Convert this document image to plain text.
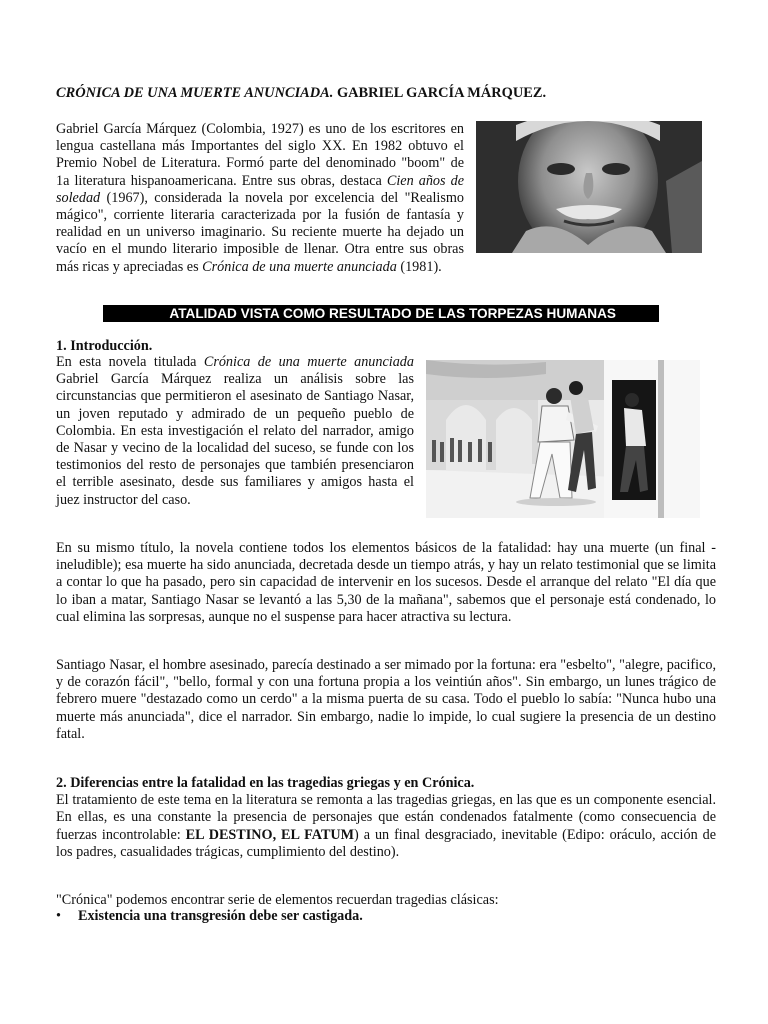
CRÓNICA DE UNA MUERTE ANUNCIADA. GABRIEL GARCÍA MÁRQUEZ.

Gabriel García Márquez (Colombia, 1927) es uno de los escritores en lengua castellana más Importantes del siglo XX. En 1982 obtuvo el Premio Nobel de Literatura. Formó parte del denominado "boom" de 1a literatura hispanoamericana. Entre sus obras, destaca Cien años de soledad (1967), considerada la novela por excelencia del "Realismo mágico", corriente literaria caracterizada por la fusión de fantasía y realidad en un universo imaginario. Su reciente muerte ha dejado un vacío en el mundo literario imposible de llenar. Otra entre sus obras más ricas y apreciadas es Crónica de una muerte anunciada (1981).

ATALIDAD VISTA COMO RESULTADO DE LAS TORPEZAS HUMANAS
1. Introducción.

En esta novela titulada Crónica de una muerte anunciada Gabriel García Márquez realiza un análisis sobre las circunstancias que permitieron el asesinato de Santiago Nasar, un joven reputado y admirado de un pequeño pueblo de Colombia. En esta investigación el relato del narrador, amigo de Nasar y vecino de la localidad del suceso, se funde con los testimonios del resto de personajes que también presenciaron el terrible asesinato, desde sus familiares y amigos hasta el juez instructor del caso.

En su mismo título, la novela contiene todos los elementos básicos de la fatalidad: hay una muerte (un final - ineludible); esa muerte ha sido anunciada, decretada desde un tiempo atrás, y hay un relato testimonial que se limita a contar lo que ha pasado, pero sin capacidad de intervenir en los sucesos. Desde el arranque del relato "El día que lo iban a matar, Santiago Nasar se levantó a las 5,30 de la mañana", sabemos que el personaje está condenado, lo cual elimina las sorpresas, aunque no el suspense para hacer atractiva su lectura.

Santiago Nasar, el hombre asesinado, parecía destinado a ser mimado por la fortuna: era "esbelto", "alegre, pacifico, y de corazón fácil", "bello, formal y con una fortuna propia a los veintiún años". Sin embargo, un lunes trágico de febrero muere "destazado como un cerdo" a la misma puerta de su casa. Todo el pueblo lo sabía: "Nunca hubo una muerte más anunciada", dice el narrador. Sin embargo, nadie lo impide, lo cual sugiere la presencia de un destino fatal.

2. Diferencias entre la fatalidad en las tragedias griegas y en Crónica.
El tratamiento de este tema en la literatura se remonta a las tragedias griegas, en las que es un componente esencial. En ellas, es una constante la presencia de personajes que están condenados fatalmente (como consecuencia de fuerzas incontrolable: EL DESTINO, EL FATUM) a un final desgraciado, inevitable (Edipo: oráculo, acción de los padres, casualidades trágicas, cumplimiento del destino).

"Crónica" podemos encontrar serie de elementos recuerdan tragedias clásicas:

• Existencia una transgresión debe ser castigada.
